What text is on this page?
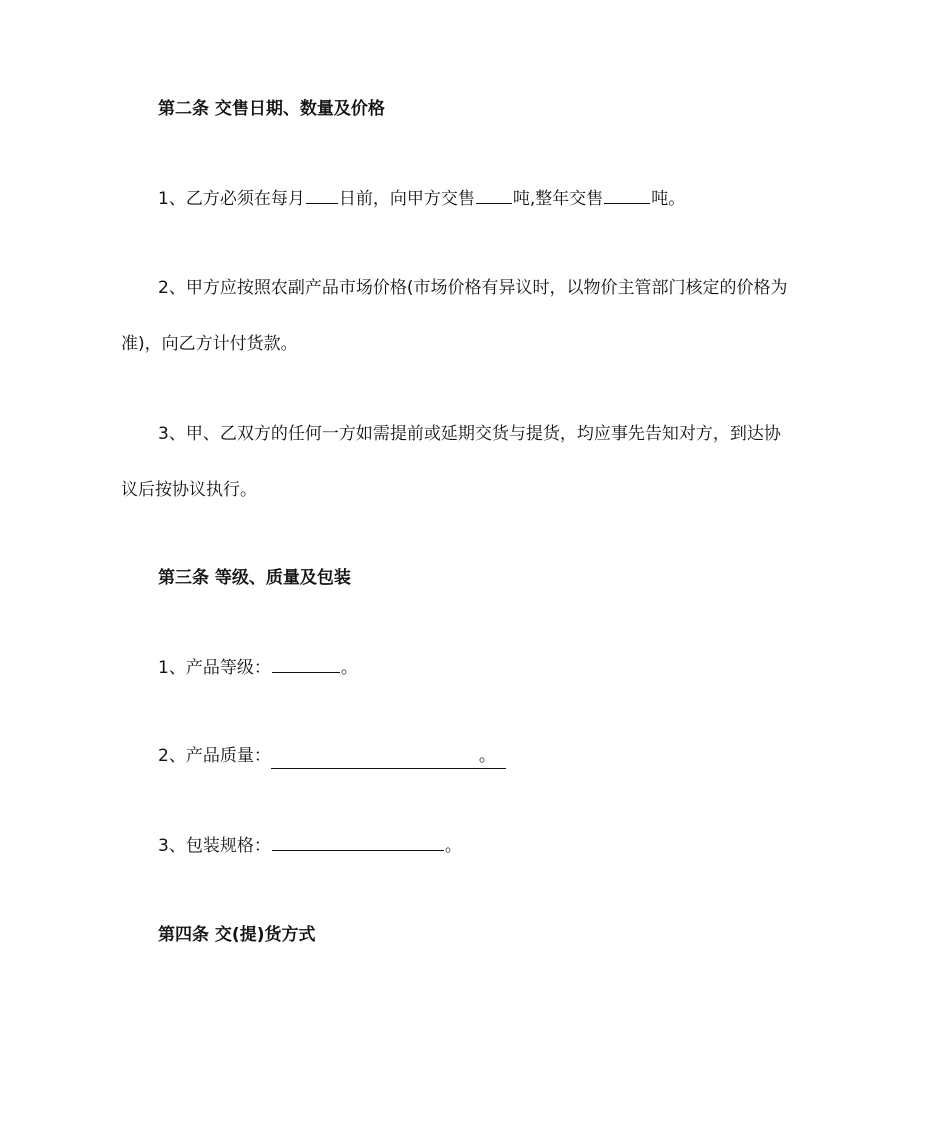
第二条 交售日期、数量及价格

1、乙方必须在每月 日前，向甲方交售 吨,整年交售	吨。

2、甲方应按照农副产品市场价格(市场价格有异议时，以物价主管部门核定的价格为

准)，向乙方计付货款。

3、甲、乙双方的任何一方如需提前或延期交货与提货，均应事先告知对方，到达协

议后按协议执行。

第三条 等级、质量及包装

1、产品等级：	。

2、产品质量：	。

3、包装规格：	。

第四条 交(提)货方式
